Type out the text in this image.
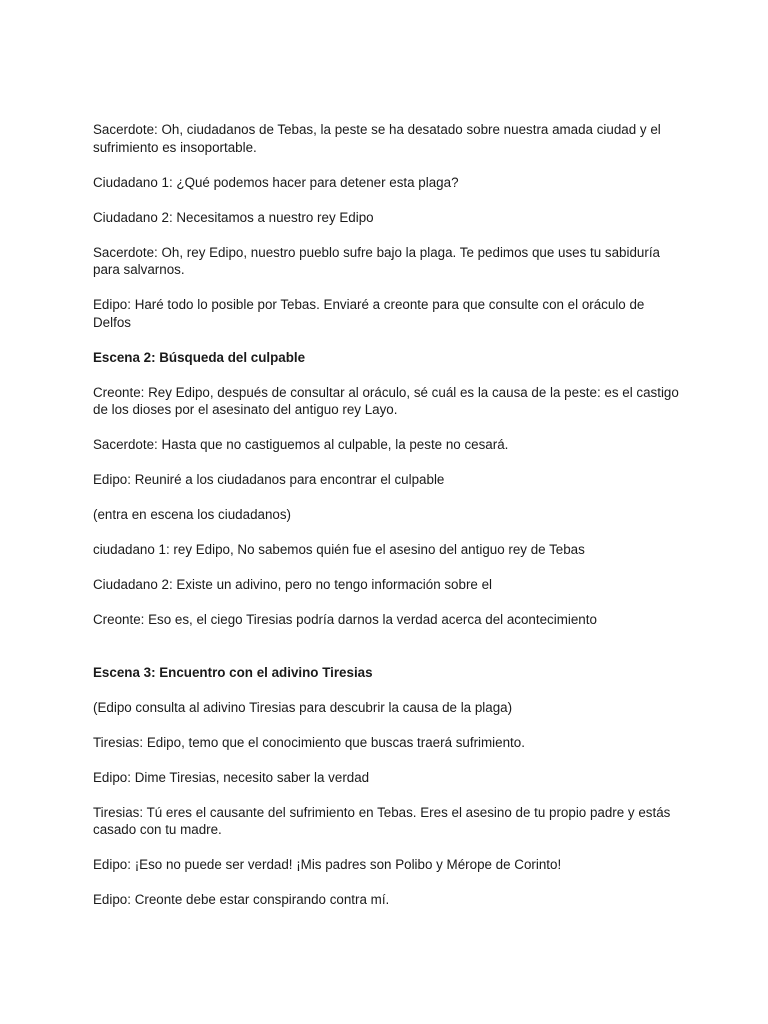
Sacerdote: Oh, ciudadanos de Tebas, la peste se ha desatado sobre nuestra amada ciudad y el sufrimiento es insoportable.

Ciudadano 1: ¿Qué podemos hacer para detener esta plaga?

Ciudadano 2: Necesitamos a nuestro rey Edipo

Sacerdote: Oh, rey Edipo, nuestro pueblo sufre bajo la plaga. Te pedimos que uses tu sabiduría para salvarnos.

Edipo: Haré todo lo posible por Tebas. Enviaré a creonte para que consulte con el oráculo de Delfos

Escena 2: Búsqueda del culpable

Creonte: Rey Edipo, después de consultar al oráculo, sé cuál es la causa de la peste: es el castigo de los dioses por el asesinato del antiguo rey Layo.

Sacerdote: Hasta que no castiguemos al culpable, la peste no cesará.

Edipo: Reuniré a los ciudadanos para encontrar el culpable

(entra en escena los ciudadanos)

ciudadano 1: rey Edipo, No sabemos quién fue el asesino del antiguo rey de Tebas

Ciudadano 2: Existe un adivino, pero no tengo información sobre el

Creonte: Eso es, el ciego Tiresias podría darnos la verdad acerca del acontecimiento

Escena 3: Encuentro con el adivino Tiresias

(Edipo consulta al adivino Tiresias para descubrir la causa de la plaga)

Tiresias: Edipo, temo que el conocimiento que buscas traerá sufrimiento.

Edipo: Dime Tiresias, necesito saber la verdad

Tiresias: Tú eres el causante del sufrimiento en Tebas. Eres el asesino de tu propio padre y estás casado con tu madre.

Edipo: ¡Eso no puede ser verdad! ¡Mis padres son Polibo y Mérope de Corinto!

Edipo: Creonte debe estar conspirando contra mí.
